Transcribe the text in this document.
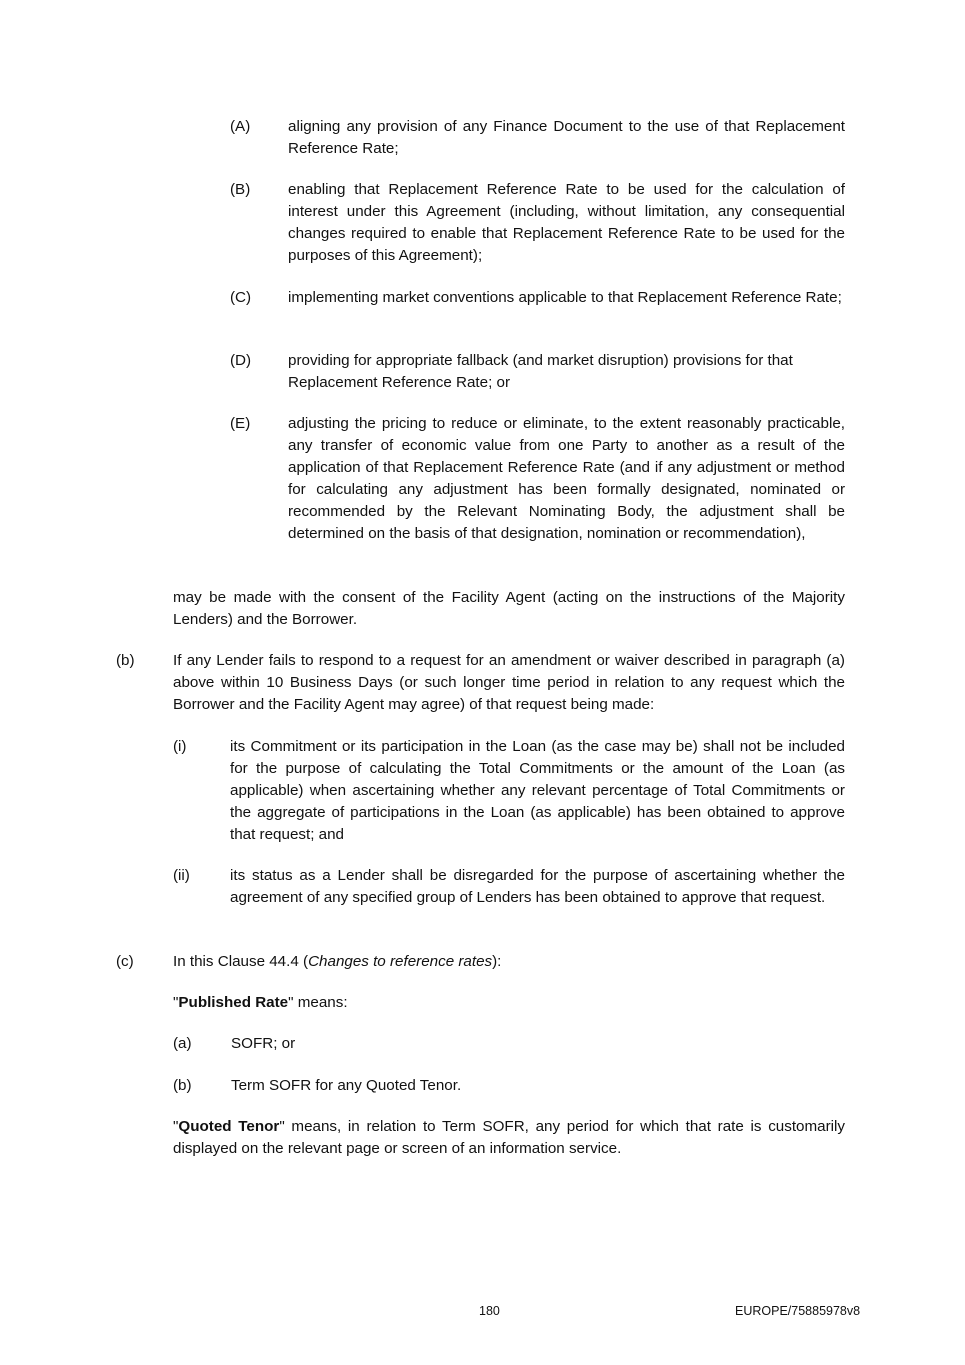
(A) aligning any provision of any Finance Document to the use of that Replacement Reference Rate;

(B) enabling that Replacement Reference Rate to be used for the calculation of interest under this Agreement (including, without limitation, any consequential changes required to enable that Replacement Reference Rate to be used for the purposes of this Agreement);

(C) implementing market conventions applicable to that Replacement Reference Rate;

(D) providing for appropriate fallback (and market disruption) provisions for that Replacement Reference Rate; or

(E) adjusting the pricing to reduce or eliminate, to the extent reasonably practicable, any transfer of economic value from one Party to another as a result of the application of that Replacement Reference Rate (and if any adjustment or method for calculating any adjustment has been formally designated, nominated or recommended by the Relevant Nominating Body, the adjustment shall be determined on the basis of that designation, nomination or recommendation),

may be made with the consent of the Facility Agent (acting on the instructions of the Majority Lenders) and the Borrower.

(b)	If any Lender fails to respond to a request for an amendment or waiver described in paragraph (a) above within 10 Business Days (or such longer time period in relation to any request which the Borrower and the Facility Agent may agree) of that request being made:

(i)	its Commitment or its participation in the Loan (as the case may be) shall not be included for the purpose of calculating the Total Commitments or the amount of the Loan (as applicable) when ascertaining whether any relevant percentage of Total Commitments or the aggregate of participations in the Loan (as applicable) has been obtained to approve that request; and

(ii)	its status as a Lender shall be disregarded for the purpose of ascertaining whether the agreement of any specified group of Lenders has been obtained to approve that request.

(c)	In this Clause 44.4 (Changes to reference rates):

"Published Rate" means:

(a)	SOFR; or

(b)	Term SOFR for any Quoted Tenor.

"Quoted Tenor" means, in relation to Term SOFR, any period for which that rate is customarily displayed on the relevant page or screen of an information service.

180	EUROPE/75885978v8
